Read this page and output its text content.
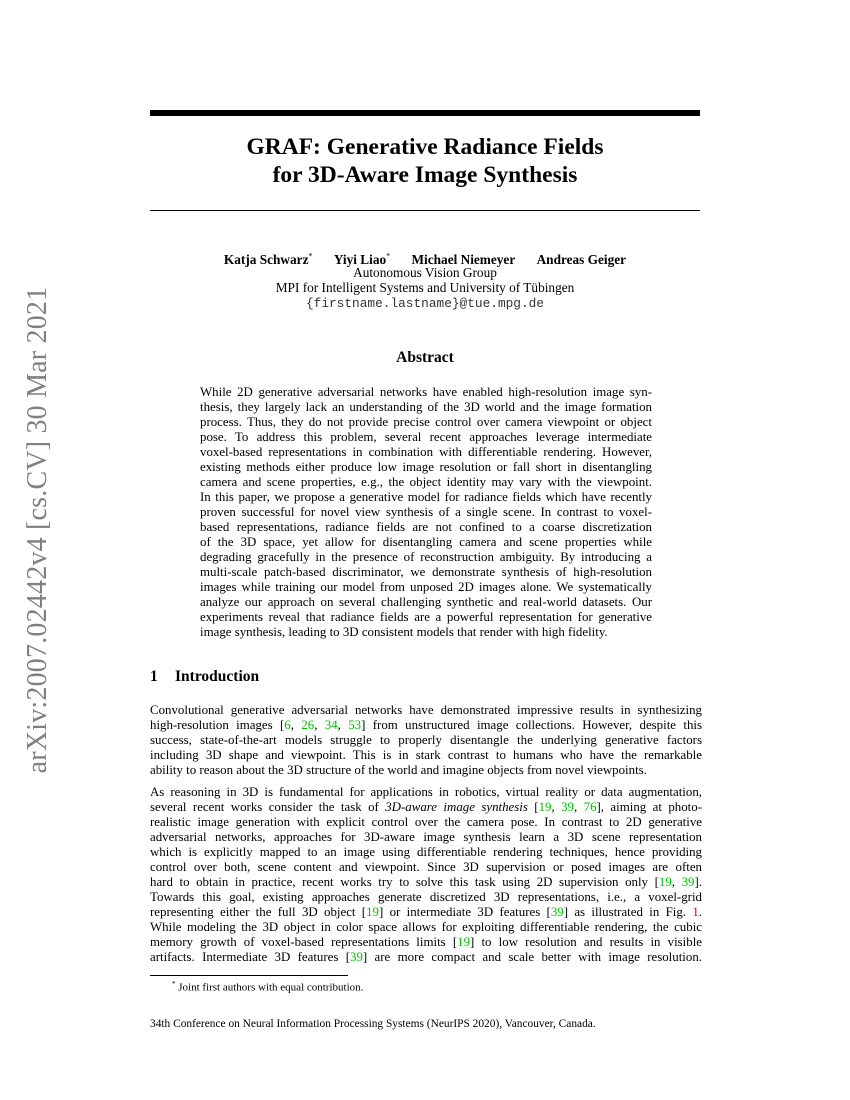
arXiv:2007.02442v4 [cs.CV] 30 Mar 2021
GRAF: Generative Radiance Fields
for 3D-Aware Image Synthesis
Katja Schwarz* Yiyi Liao* Michael Niemeyer Andreas Geiger
Autonomous Vision Group
MPI for Intelligent Systems and University of Tübingen
{firstname.lastname}@tue.mpg.de
Abstract
While 2D generative adversarial networks have enabled high-resolution image syn-
thesis, they largely lack an understanding of the 3D world and the image formation
process. Thus, they do not provide precise control over camera viewpoint or object
pose. To address this problem, several recent approaches leverage intermediate
voxel-based representations in combination with differentiable rendering. However,
existing methods either produce low image resolution or fall short in disentangling
camera and scene properties, e.g., the object identity may vary with the viewpoint.
In this paper, we propose a generative model for radiance fields which have recently
proven successful for novel view synthesis of a single scene. In contrast to voxel-
based representations, radiance fields are not confined to a coarse discretization
of the 3D space, yet allow for disentangling camera and scene properties while
degrading gracefully in the presence of reconstruction ambiguity. By introducing a
multi-scale patch-based discriminator, we demonstrate synthesis of high-resolution
images while training our model from unposed 2D images alone. We systematically
analyze our approach on several challenging synthetic and real-world datasets. Our
experiments reveal that radiance fields are a powerful representation for generative
image synthesis, leading to 3D consistent models that render with high fidelity.
1 Introduction
Convolutional generative adversarial networks have demonstrated impressive results in synthesizing
high-resolution images [6, 26, 34, 53] from unstructured image collections. However, despite this
success, state-of-the-art models struggle to properly disentangle the underlying generative factors
including 3D shape and viewpoint. This is in stark contrast to humans who have the remarkable
ability to reason about the 3D structure of the world and imagine objects from novel viewpoints.
As reasoning in 3D is fundamental for applications in robotics, virtual reality or data augmentation,
several recent works consider the task of 3D-aware image synthesis [19, 39, 76], aiming at photo-
realistic image generation with explicit control over the camera pose. In contrast to 2D generative
adversarial networks, approaches for 3D-aware image synthesis learn a 3D scene representation
which is explicitly mapped to an image using differentiable rendering techniques, hence providing
control over both, scene content and viewpoint. Since 3D supervision or posed images are often
hard to obtain in practice, recent works try to solve this task using 2D supervision only [19, 39].
Towards this goal, existing approaches generate discretized 3D representations, i.e., a voxel-grid
representing either the full 3D object [19] or intermediate 3D features [39] as illustrated in Fig. 1.
While modeling the 3D object in color space allows for exploiting differentiable rendering, the cubic
memory growth of voxel-based representations limits [19] to low resolution and results in visible
artifacts. Intermediate 3D features [39] are more compact and scale better with image resolution.
* Joint first authors with equal contribution.
34th Conference on Neural Information Processing Systems (NeurIPS 2020), Vancouver, Canada.
